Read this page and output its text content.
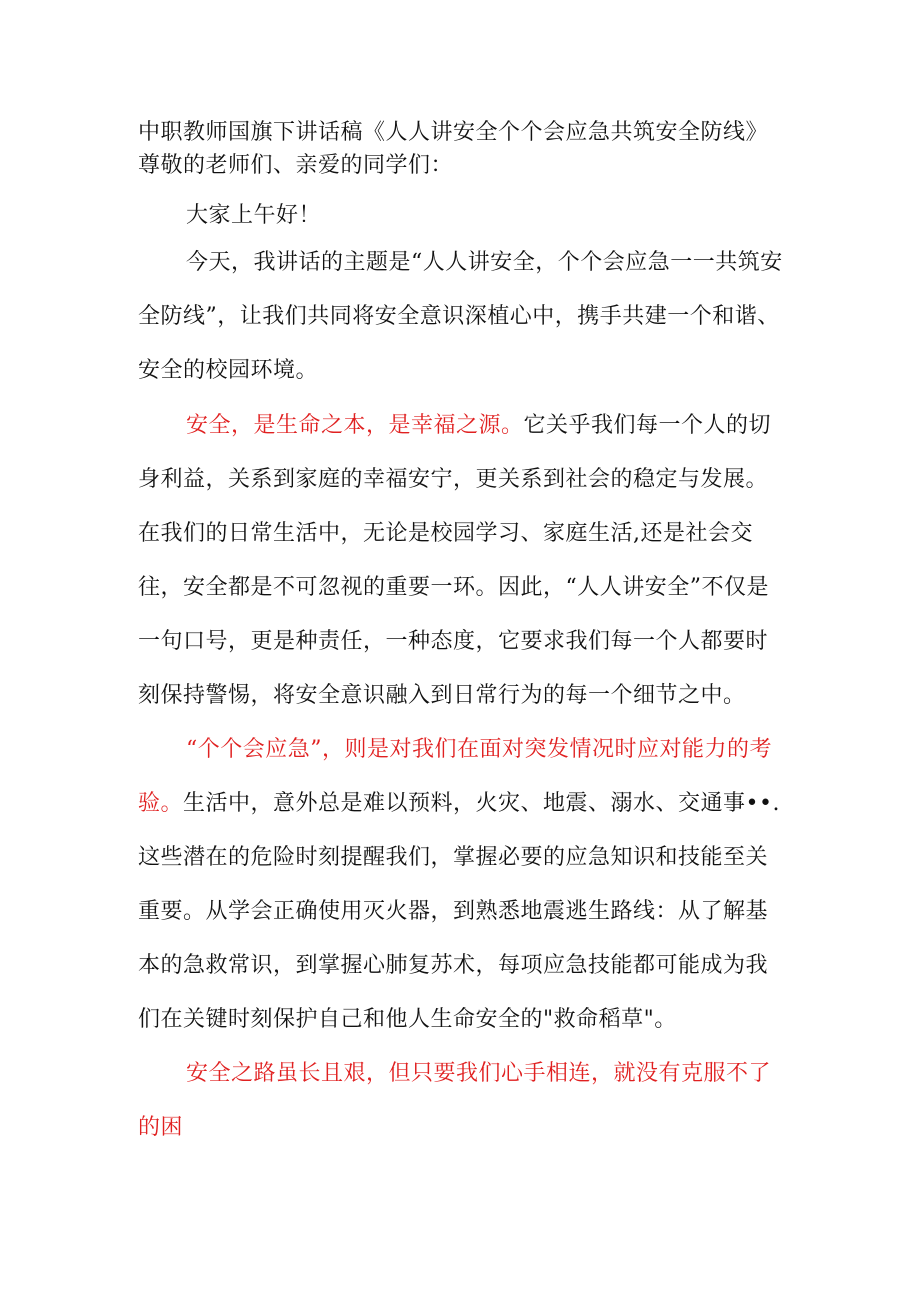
中职教师国旗下讲话稿《人人讲安全个个会应急共筑安全防线》尊敬的老师们、亲爱的同学们：

大家上午好！

今天，我讲话的主题是“人人讲安全，个个会应急一一共筑安全防线”，让我们共同将安全意识深植心中，携手共建一个和谐、安全的校园环境。

安全，是生命之本，是幸福之源。它关乎我们每一个人的切身利益，关系到家庭的幸福安宁，更关系到社会的稳定与发展。在我们的日常生活中，无论是校园学习、家庭生活,还是社会交往，安全都是不可忽视的重要一环。因此，“人人讲安全”不仅是一句口号，更是种责任，一种态度，它要求我们每一个人都要时刻保持警惕，将安全意识融入到日常行为的每一个细节之中。

“个个会应急”，则是对我们在面对突发情况时应对能力的考验。生活中，意外总是难以预料，火灾、地震、溺水、交通事••.这些潜在的危险时刻提醒我们，掌握必要的应急知识和技能至关重要。从学会正确使用灭火器，到熟悉地震逃生路线：从了解基本的急救常识，到掌握心肺复苏术，每项应急技能都可能成为我们在关键时刻保护自己和他人生命安全的"救命稻草"。

安全之路虽长且艰，但只要我们心手相连，就没有克服不了的困
